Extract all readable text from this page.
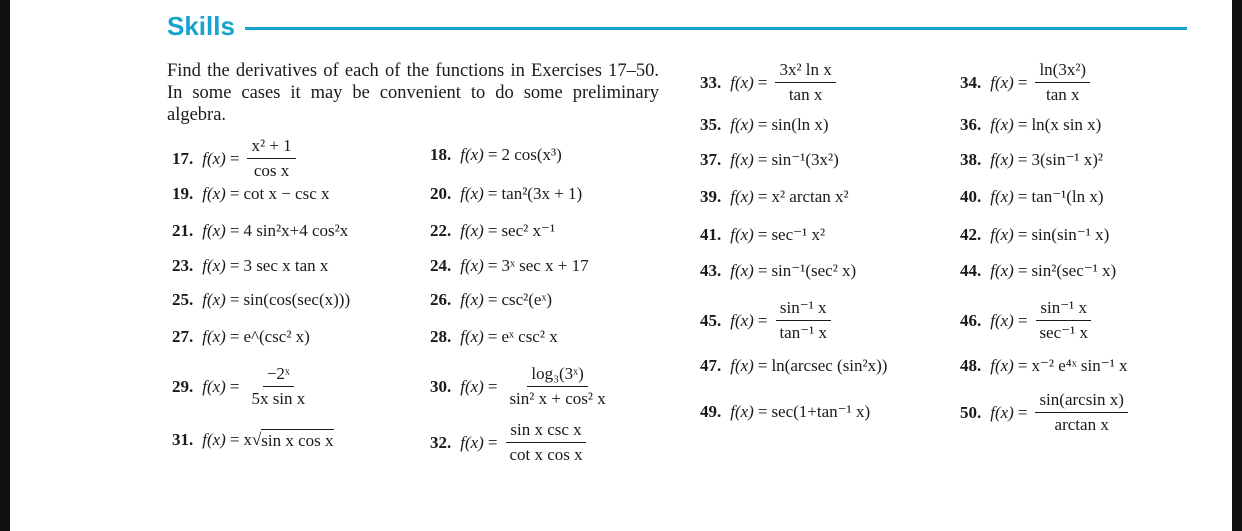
Skills

Find the derivatives of each of the functions in Exercises 17–50. In some cases it may be convenient to do some preliminary algebra.

17. $f(x) = \frac{\text{x² + 1}}{\text{cos x}}$
19. f(x) = cot x − csc x
21. f(x) = 4 sin²x+4 cos²x
23. f(x) = 3 sec x tan x
25. f(x) = sin(cos(sec(x)))
27. f(x) = e^(csc² x)
29. $f(x) = \frac{\text{−2ˣ}}{\text{5x sin x}}$
31. f(x) = x√ sin x cos x
18. f(x) = 2 cos(x³)
20. f(x) = tan²(3x + 1)
22. f(x) = sec² x⁻¹
24. f(x) = 3ˣ sec x + 17
26. f(x) = csc²(eˣ)
28. f(x) = eˣ csc² x
30. $f(x) = \frac{\text{log₃(3ˣ)}}{\text{sin² x + cos² x}}$
32. $f(x) = \frac{\text{sin x csc x}}{\text{cot x cos x}}$
33. $f(x) = \frac{\text{3x² ln x}}{\text{tan x}}$
35. f(x) = sin(ln x)
37. f(x) = sin⁻¹(3x²)
39. f(x) = x² arctan x²
41. f(x) = sec⁻¹ x²
43. f(x) = sin⁻¹(sec² x)
45. $f(x) = \frac{\text{sin⁻¹ x}}{\text{tan⁻¹ x}}$
47. f(x) = ln(arcsec (sin²x))
49. f(x) = sec(1+tan⁻¹ x)
34. $f(x) = \frac{\text{ln(3x²)}}{\text{tan x}}$
36. f(x) = ln(x sin x)
38. f(x) = 3(sin⁻¹ x)²
40. f(x) = tan⁻¹(ln x)
42. f(x) = sin(sin⁻¹ x)
44. f(x) = sin²(sec⁻¹ x)
46. $f(x) = \frac{\text{sin⁻¹ x}}{\text{sec⁻¹ x}}$
48. f(x) = x⁻² e⁴ˣ sin⁻¹ x
50. $f(x) = \frac{\text{sin(arcsin x)}}{\text{arctan x}}$
